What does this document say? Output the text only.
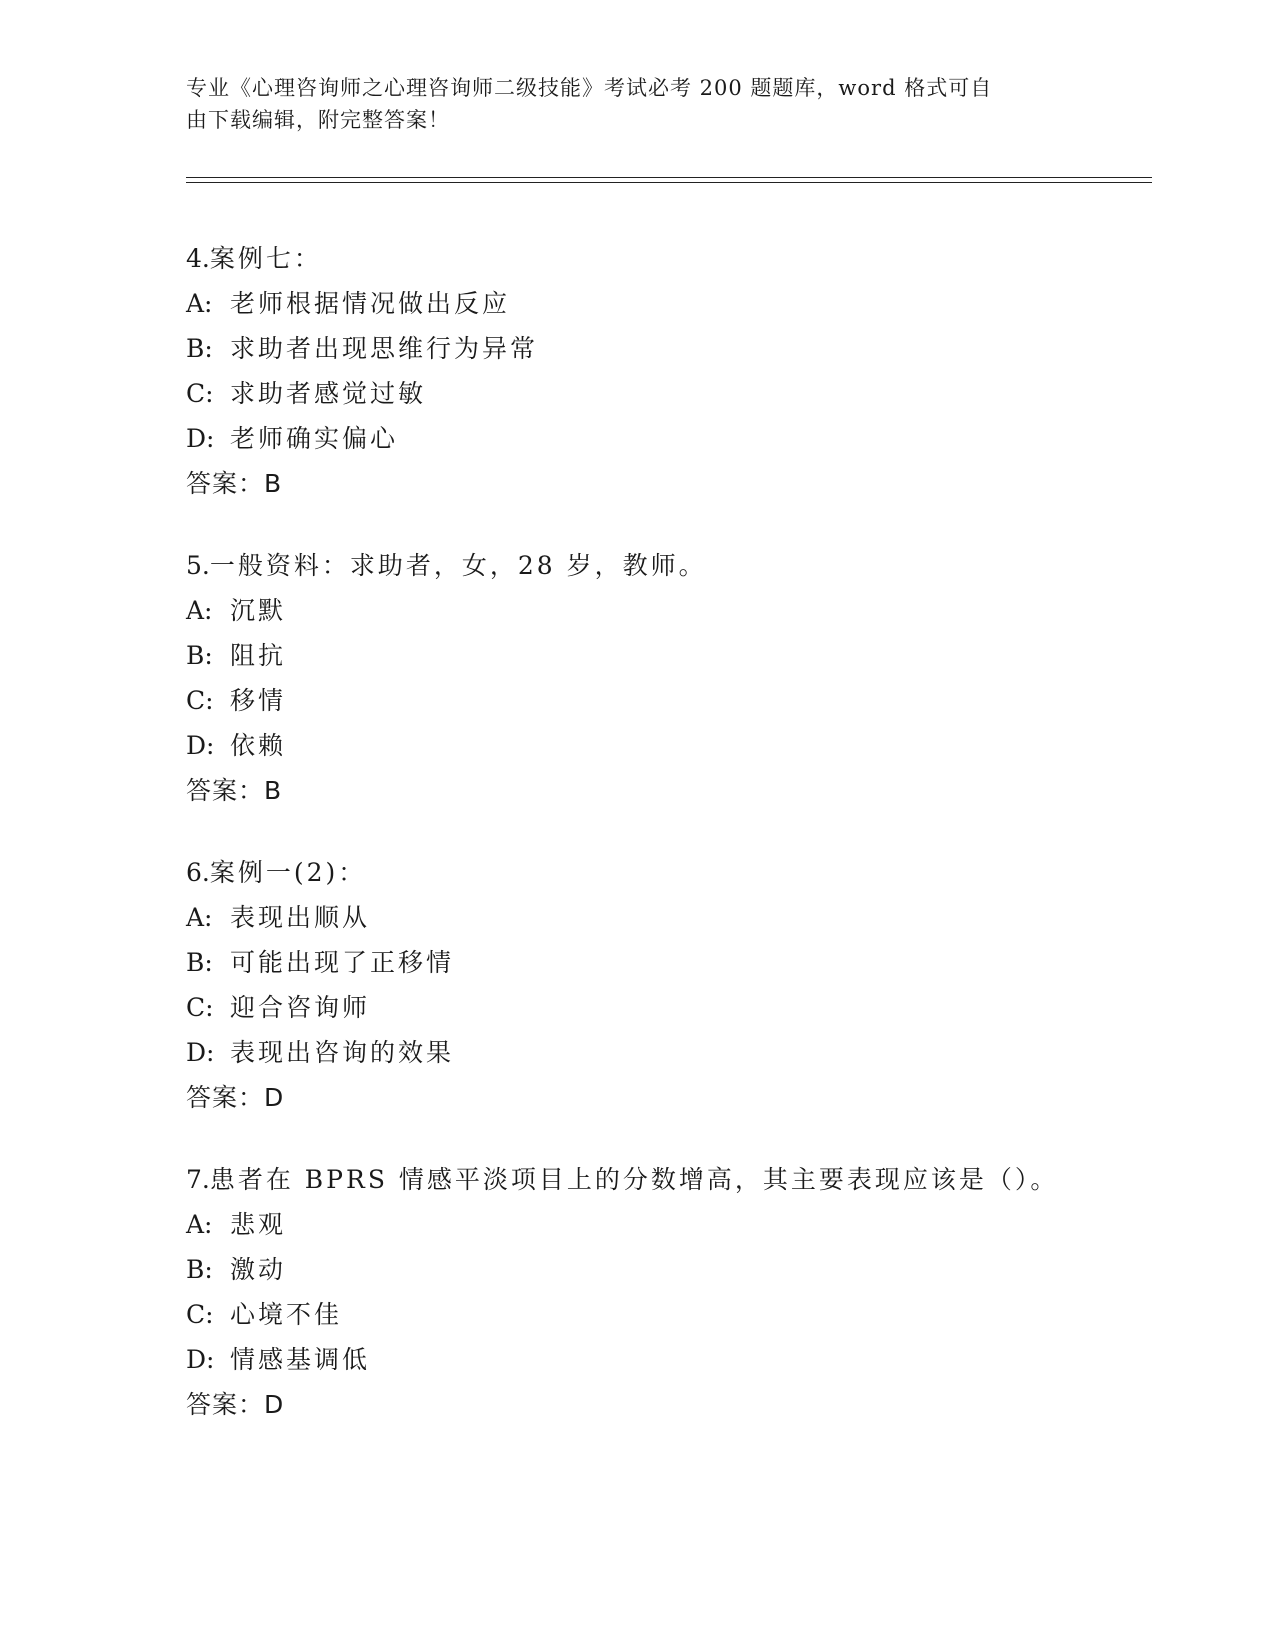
专业《心理咨询师之心理咨询师二级技能》考试必考 200 题题库，word 格式可自
由下载编辑，附完整答案！
4.案例七：
A: 老师根据情况做出反应
B: 求助者出现思维行为异常
C: 求助者感觉过敏
D: 老师确实偏心
答案：B
5.一般资料：求助者，女，28 岁，教师。
A: 沉默
B: 阻抗
C: 移情
D: 依赖
答案：B
6.案例一(2)：
A: 表现出顺从
B: 可能出现了正移情
C: 迎合咨询师
D: 表现出咨询的效果
答案：D
7.患者在 BPRS 情感平淡项目上的分数增高，其主要表现应该是（）。
A: 悲观
B: 激动
C: 心境不佳
D: 情感基调低
答案：D
